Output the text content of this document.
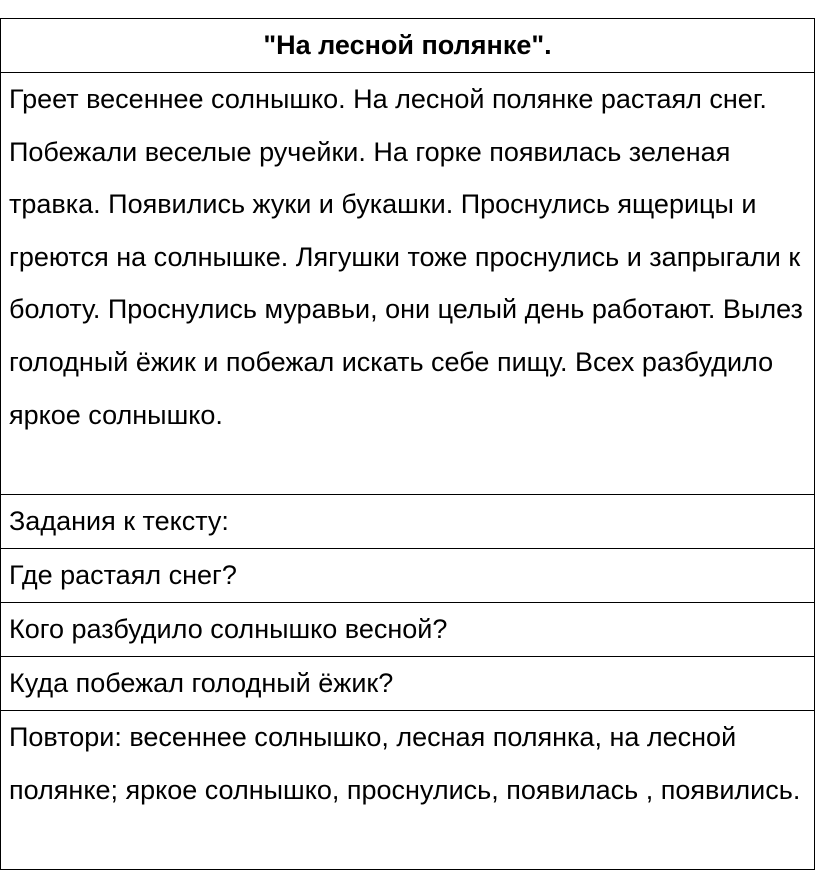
"На лесной полянке".
Греет весеннее солнышко. На лесной полянке растаял снег. Побежали веселые ручейки. На горке появилась зеленая травка. Появились жуки и букашки. Проснулись ящерицы и греются на солнышке. Лягушки тоже проснулись и запрыгали к болоту. Проснулись муравьи, они целый день работают. Вылез голодный ёжик и побежал искать себе пищу. Всех разбудило яркое солнышко.
Задания к тексту:
Где растаял снег?
Кого разбудило солнышко весной?
Куда побежал голодный ёжик?
Повтори: весеннее солнышко, лесная полянка, на лесной полянке; яркое солнышко, проснулись, появилась , появились.
